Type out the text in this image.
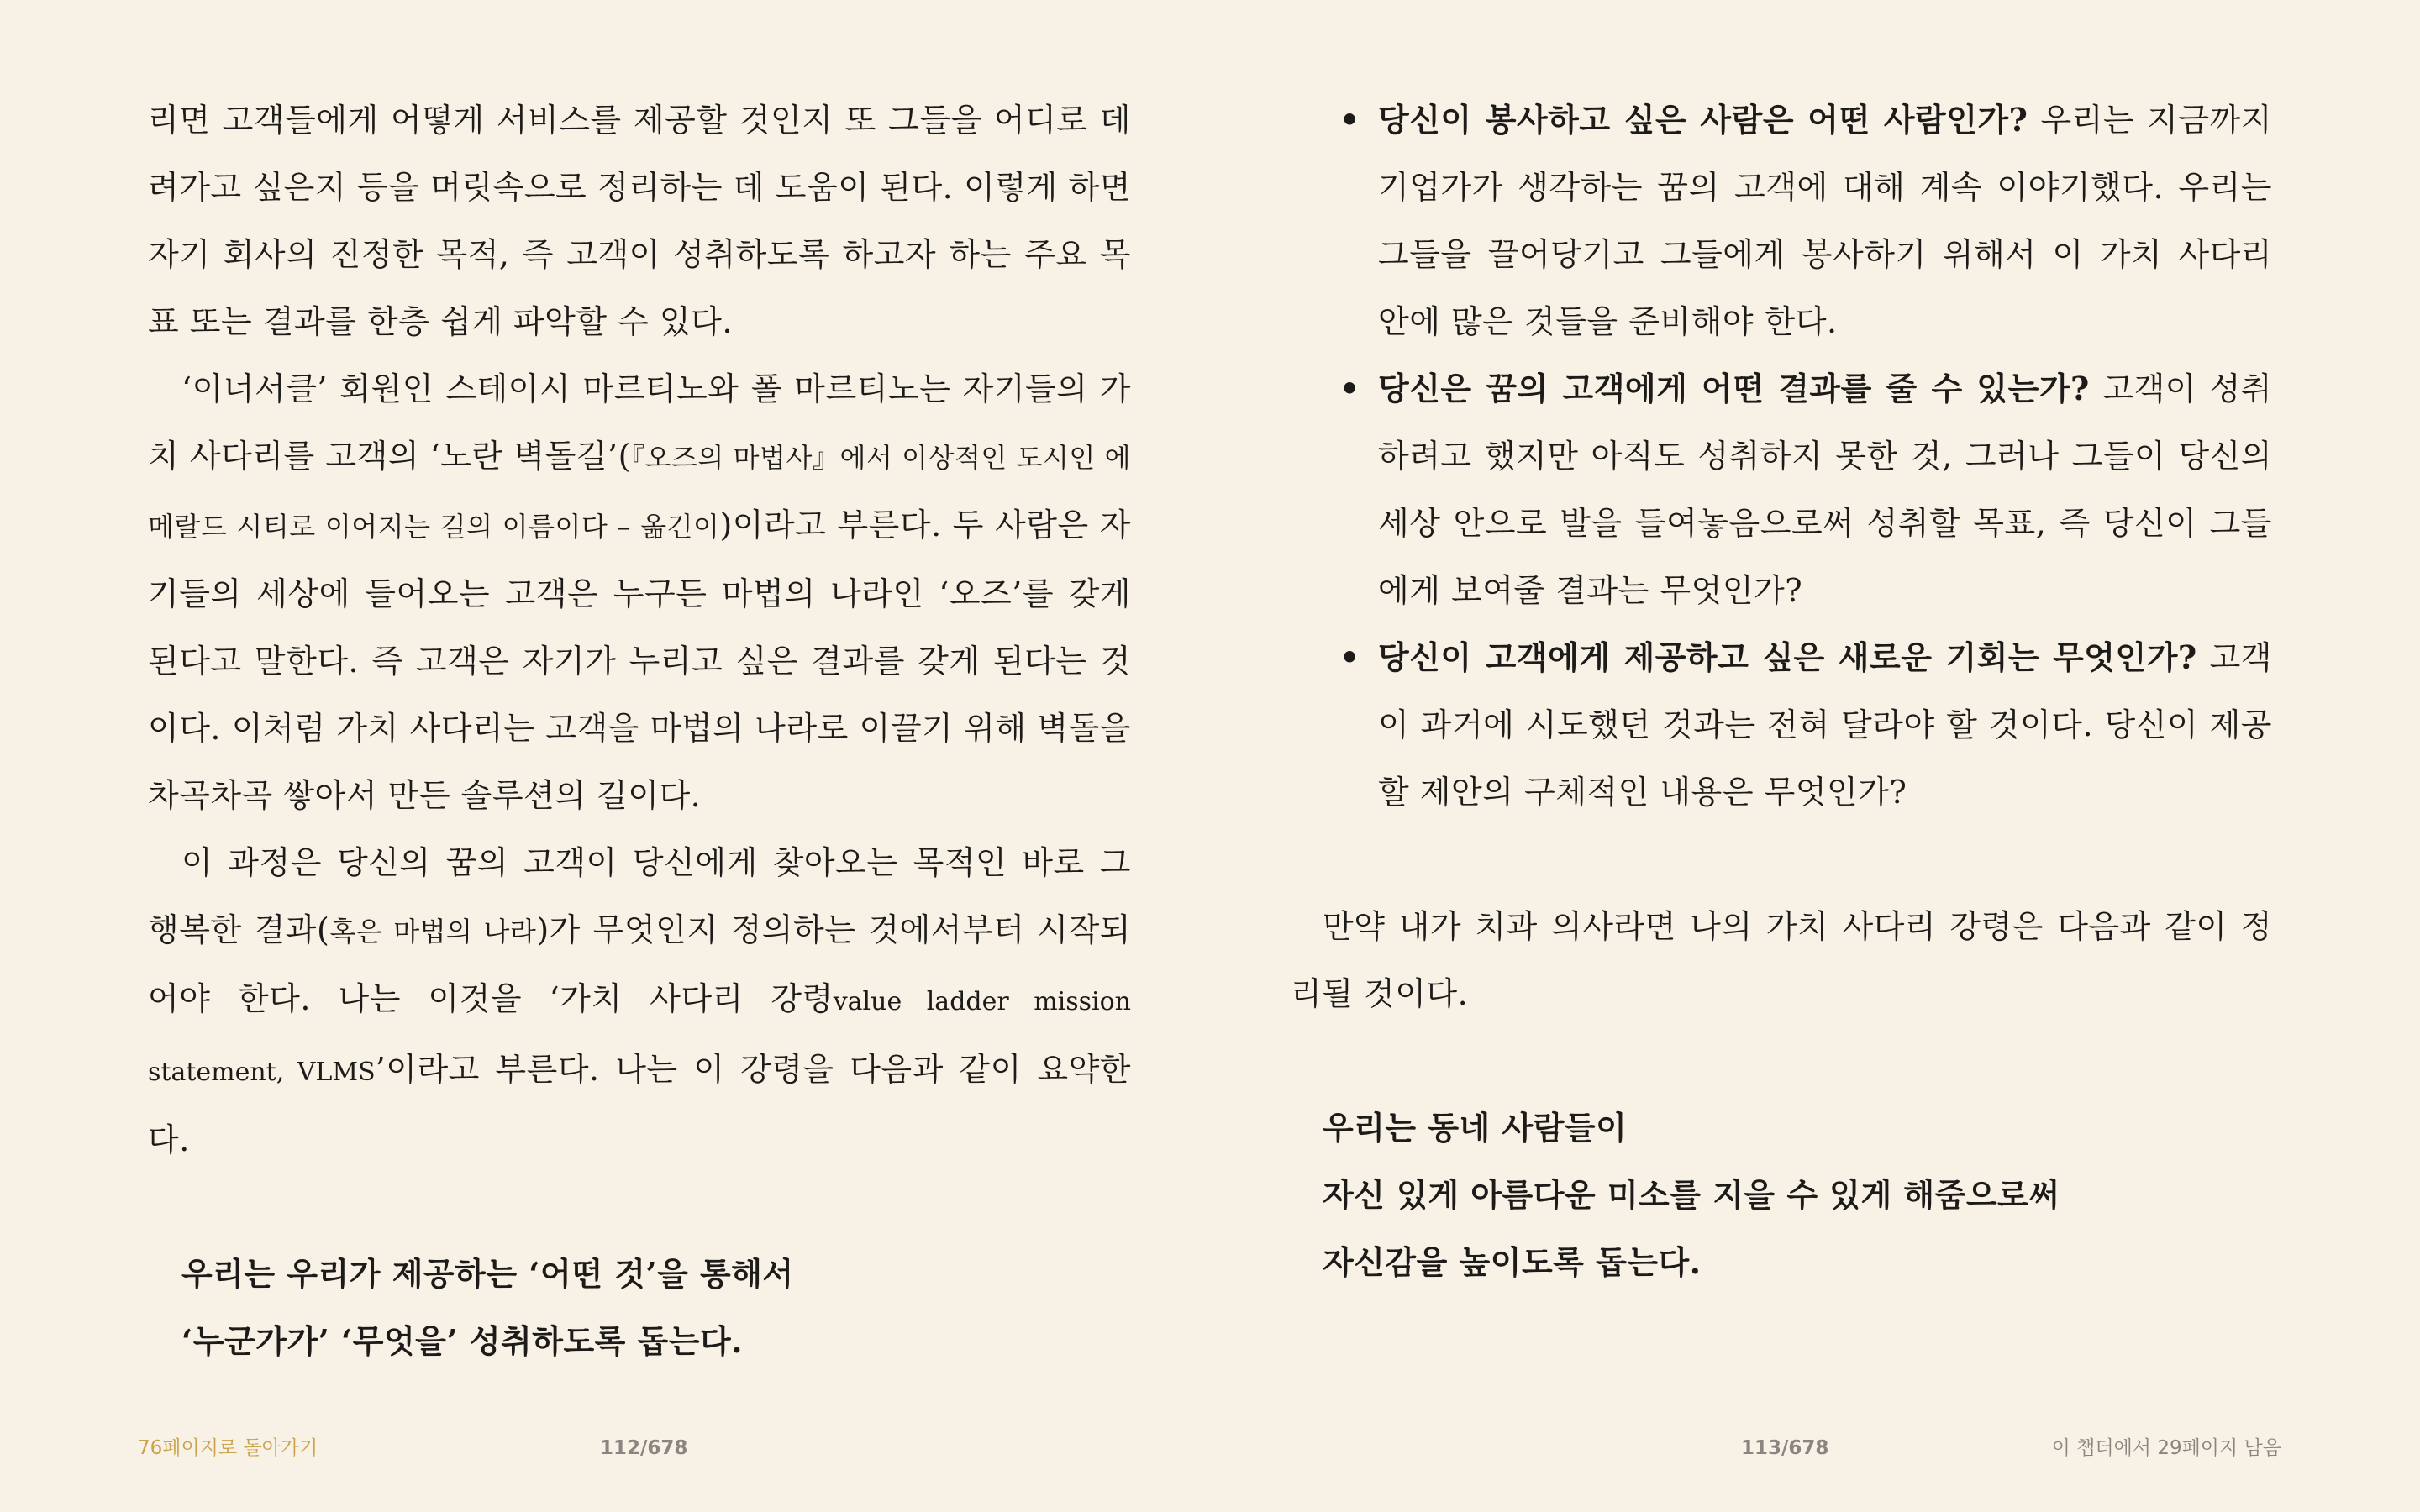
리면 고객들에게 어떻게 서비스를 제공할 것인지 또 그들을 어디로 데려가고 싶은지 등을 머릿속으로 정리하는 데 도움이 된다. 이렇게 하면 자기 회사의 진정한 목적, 즉 고객이 성취하도록 하고자 하는 주요 목표 또는 결과를 한층 쉽게 파악할 수 있다.

‘이너서클’ 회원인 스테이시 마르티노와 폴 마르티노는 자기들의 가치 사다리를 고객의 ‘노란 벽돌길’(『오즈의 마법사』에서 이상적인 도시인 에메랄드 시티로 이어지는 길의 이름이다 – 옮긴이)이라고 부른다. 두 사람은 자기들의 세상에 들어오는 고객은 누구든 마법의 나라인 ‘오즈’를 갖게 된다고 말한다. 즉 고객은 자기가 누리고 싶은 결과를 갖게 된다는 것이다. 이처럼 가치 사다리는 고객을 마법의 나라로 이끌기 위해 벽돌을 차곡차곡 쌓아서 만든 솔루션의 길이다.

이 과정은 당신의 꿈의 고객이 당신에게 찾아오는 목적인 바로 그 행복한 결과(혹은 마법의 나라)가 무엇인지 정의하는 것에서부터 시작되어야 한다. 나는 이것을 ‘가치 사다리 강령value ladder mission statement, VLMS’이라고 부른다. 나는 이 강령을 다음과 같이 요약한다.

우리는 우리가 제공하는 ‘어떤 것’을 통해서
‘누군가가’ ‘무엇을’ 성취하도록 돕는다.
• 당신이 봉사하고 싶은 사람은 어떤 사람인가? 우리는 지금까지 기업가가 생각하는 꿈의 고객에 대해 계속 이야기했다. 우리는 그들을 끌어당기고 그들에게 봉사하기 위해서 이 가치 사다리 안에 많은 것들을 준비해야 한다.
• 당신은 꿈의 고객에게 어떤 결과를 줄 수 있는가? 고객이 성취하려고 했지만 아직도 성취하지 못한 것, 그러나 그들이 당신의 세상 안으로 발을 들여놓음으로써 성취할 목표, 즉 당신이 그들에게 보여줄 결과는 무엇인가?
• 당신이 고객에게 제공하고 싶은 새로운 기회는 무엇인가? 고객이 과거에 시도했던 것과는 전혀 달라야 할 것이다. 당신이 제공할 제안의 구체적인 내용은 무엇인가?

만약 내가 치과 의사라면 나의 가치 사다리 강령은 다음과 같이 정리될 것이다.

우리는 동네 사람들이
자신 있게 아름다운 미소를 지을 수 있게 해줌으로써
자신감을 높이도록 돕는다.
76페이지로 돌아가기	112/678	113/678	이 챕터에서 29페이지 남음
